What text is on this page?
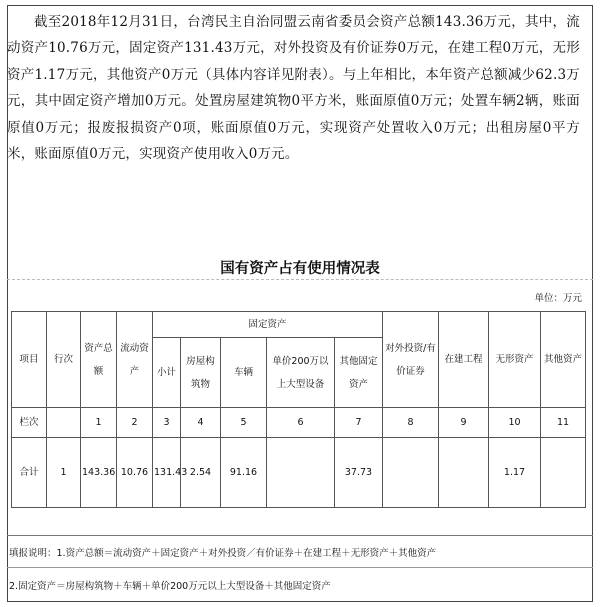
截至2018年12月31日，台湾民主自治同盟云南省委员会资产总额143.36万元，其中，流动资产10.76万元，固定资产131.43万元，对外投资及有价证券0万元，在建工程0万元，无形资产1.17万元，其他资产0万元（具体内容详见附表）。与上年相比，本年资产总额减少62.3万元，其中固定资产增加0万元。处置房屋建筑物0平方米，账面原值0万元；处置车辆2辆，账面原值0万元；报废报损资产0项，账面原值0万元，实现资产处置收入0万元；出租房屋0平方米，账面原值0万元，实现资产使用收入0万元。

国有资产占有使用情况表
单位：万元
项目	行次	资产总额	流动资产	固定资产					对外投资/有价证券	在建工程	无形资产	其他资产
				小计	房屋构筑物	车辆	单价200万以上大型设备	其他固定资产				
栏次		1	2	3	4	5	6	7	8	9	10	11
合计	1	143.36	10.76	131.43	2.54	91.16		37.73			1.17	
填报说明：1.资产总额＝流动资产＋固定资产＋对外投资／有价证券＋在建工程＋无形资产＋其他资产
2.固定资产＝房屋构筑物＋车辆＋单价200万元以上大型设备＋其他固定资产
